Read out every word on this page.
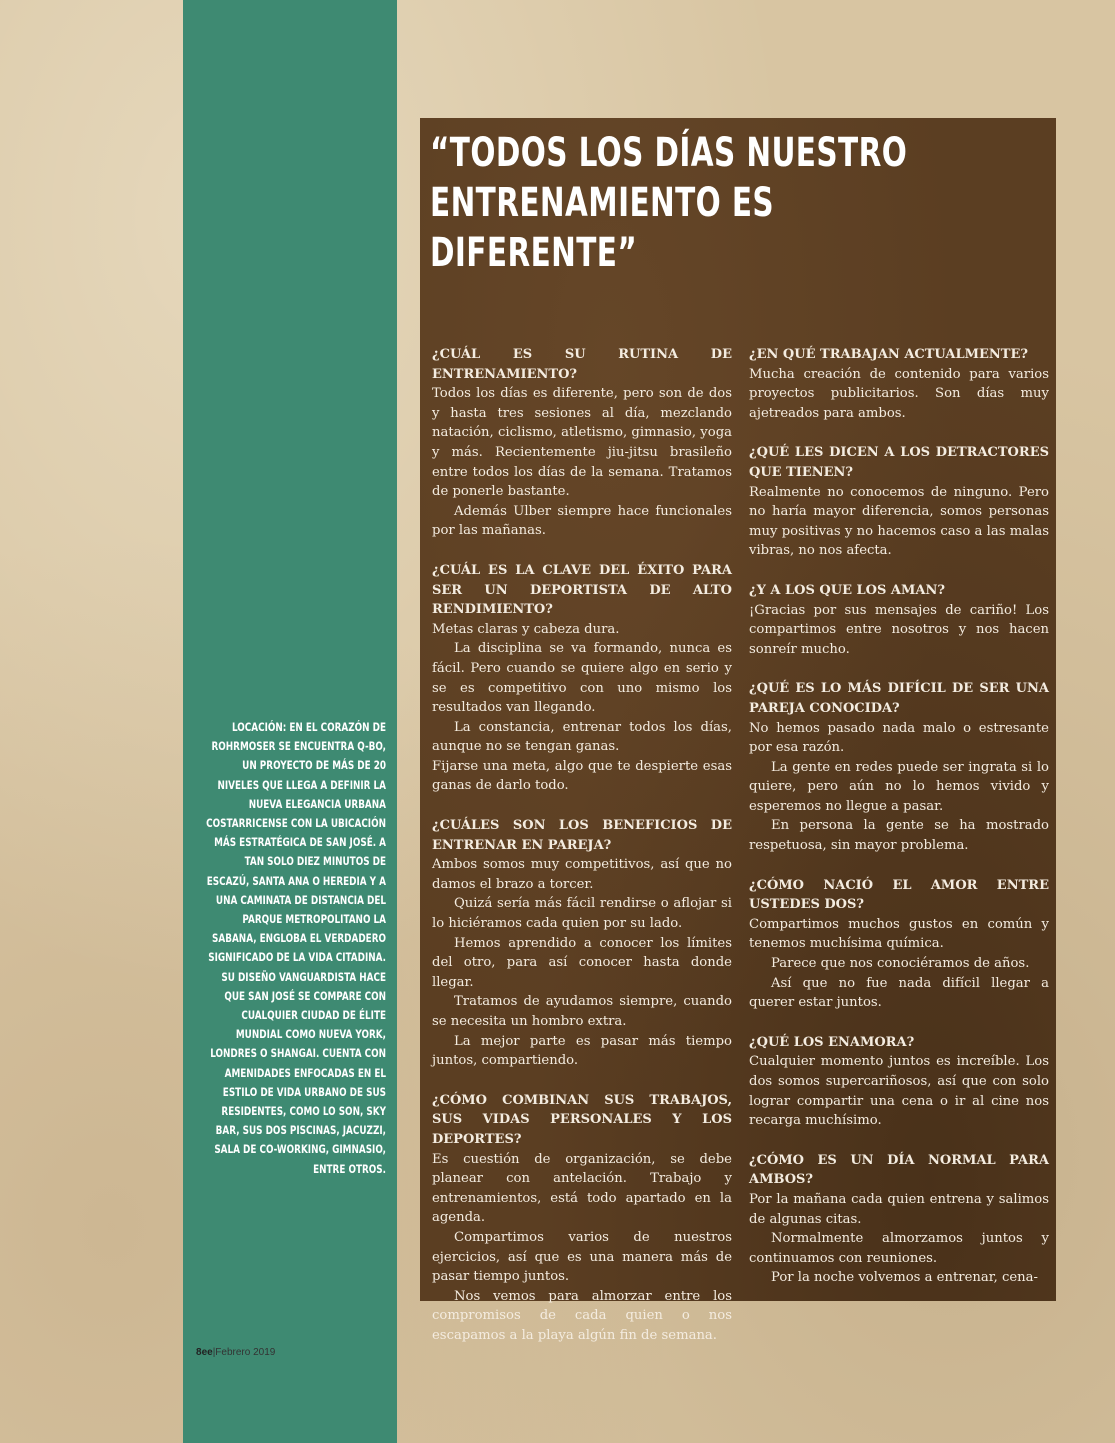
LOCACIÓN: EN EL CORAZÓN DE ROHRMOSER SE ENCUENTRA Q-BO, UN PROYECTO DE MÁS DE 20 NIVELES QUE LLEGA A DEFINIR LA NUEVA ELEGANCIA URBANA COSTARRICENSE CON LA UBICACIÓN MÁS ESTRATÉGICA DE SAN JOSÉ. A TAN SOLO DIEZ MINUTOS DE ESCAZÚ, SANTA ANA O HEREDIA Y A UNA CAMINATA DE DISTANCIA DEL PARQUE METROPOLITANO LA SABANA, ENGLOBA EL VERDADERO SIGNIFICADO DE LA VIDA CITADINA. SU DISEÑO VANGUARDISTA HACE QUE SAN JOSÉ SE COMPARE CON CUALQUIER CIUDAD DE ÉLITE MUNDIAL COMO NUEVA YORK, LONDRES O SHANGAI. CUENTA CON AMENIDADES ENFOCADAS EN EL ESTILO DE VIDA URBANO DE SUS RESIDENTES, COMO LO SON, SKY BAR, SUS DOS PISCINAS, JACUZZI, SALA DE CO-WORKING, GIMNASIO, ENTRE OTROS.
8ee|Febrero 2019
“TODOS LOS DÍAS NUESTRO ENTRENAMIENTO ES DIFERENTE”

¿CUÁL ES SU RUTINA DE ENTRENAMIENTO?

Todos los días es diferente, pero son de dos y hasta tres sesiones al día, mezclando natación, ciclismo, atletismo, gimnasio, yoga y más. Recientemente jiu-jitsu brasileño entre todos los días de la semana. Tratamos de ponerle bastante.

Además Ulber siempre hace funcionales por las mañanas.

¿CUÁL ES LA CLAVE DEL ÉXITO PARA SER UN DEPORTISTA DE ALTO RENDIMIENTO?

Metas claras y cabeza dura.

La disciplina se va formando, nunca es fácil. Pero cuando se quiere algo en serio y se es competitivo con uno mismo los resultados van llegando.

La constancia, entrenar todos los días, aunque no se tengan ganas.

Fijarse una meta, algo que te despierte esas ganas de darlo todo.

¿CUÁLES SON LOS BENEFICIOS DE ENTRENAR EN PAREJA?

Ambos somos muy competitivos, así que no damos el brazo a torcer.

Quizá sería más fácil rendirse o aflojar si lo hiciéramos cada quien por su lado.

Hemos aprendido a conocer los límites del otro, para así conocer hasta donde llegar.

Tratamos de ayudamos siempre, cuando se necesita un hombro extra.

La mejor parte es pasar más tiempo juntos, compartiendo.

¿CÓMO COMBINAN SUS TRABAJOS, SUS VIDAS PERSONALES Y LOS DEPORTES?

Es cuestión de organización, se debe planear con antelación. Trabajo y entrenamientos, está todo apartado en la agenda.

Compartimos varios de nuestros ejercicios, así que es una manera más de pasar tiempo juntos.

Nos vemos para almorzar entre los compromisos de cada quien o nos escapamos a la playa algún fin de semana.

¿EN QUÉ TRABAJAN ACTUALMENTE?

Mucha creación de contenido para varios proyectos publicitarios. Son días muy ajetreados para ambos.

¿QUÉ LES DICEN A LOS DETRACTORES QUE TIENEN?

Realmente no conocemos de ninguno. Pero no haría mayor diferencia, somos personas muy positivas y no hacemos caso a las malas vibras, no nos afecta.

¿Y A LOS QUE LOS AMAN?

¡Gracias por sus mensajes de cariño! Los compartimos entre nosotros y nos hacen sonreír mucho.

¿QUÉ ES LO MÁS DIFÍCIL DE SER UNA PAREJA CONOCIDA?

No hemos pasado nada malo o estresante por esa razón.

La gente en redes puede ser ingrata si lo quiere, pero aún no lo hemos vivido y esperemos no llegue a pasar.

En persona la gente se ha mostrado respetuosa, sin mayor problema.

¿CÓMO NACIÓ EL AMOR ENTRE USTEDES DOS?

Compartimos muchos gustos en común y tenemos muchísima química.

Parece que nos conociéramos de años.

Así que no fue nada difícil llegar a querer estar juntos.

¿QUÉ LOS ENAMORA?

Cualquier momento juntos es increíble. Los dos somos supercariñosos, así que con solo lograr compartir una cena o ir al cine nos recarga muchísimo.

¿CÓMO ES UN DÍA NORMAL PARA AMBOS?

Por la mañana cada quien entrena y salimos de algunas citas.

Normalmente almorzamos juntos y continuamos con reuniones.

Por la noche volvemos a entrenar, cena-
